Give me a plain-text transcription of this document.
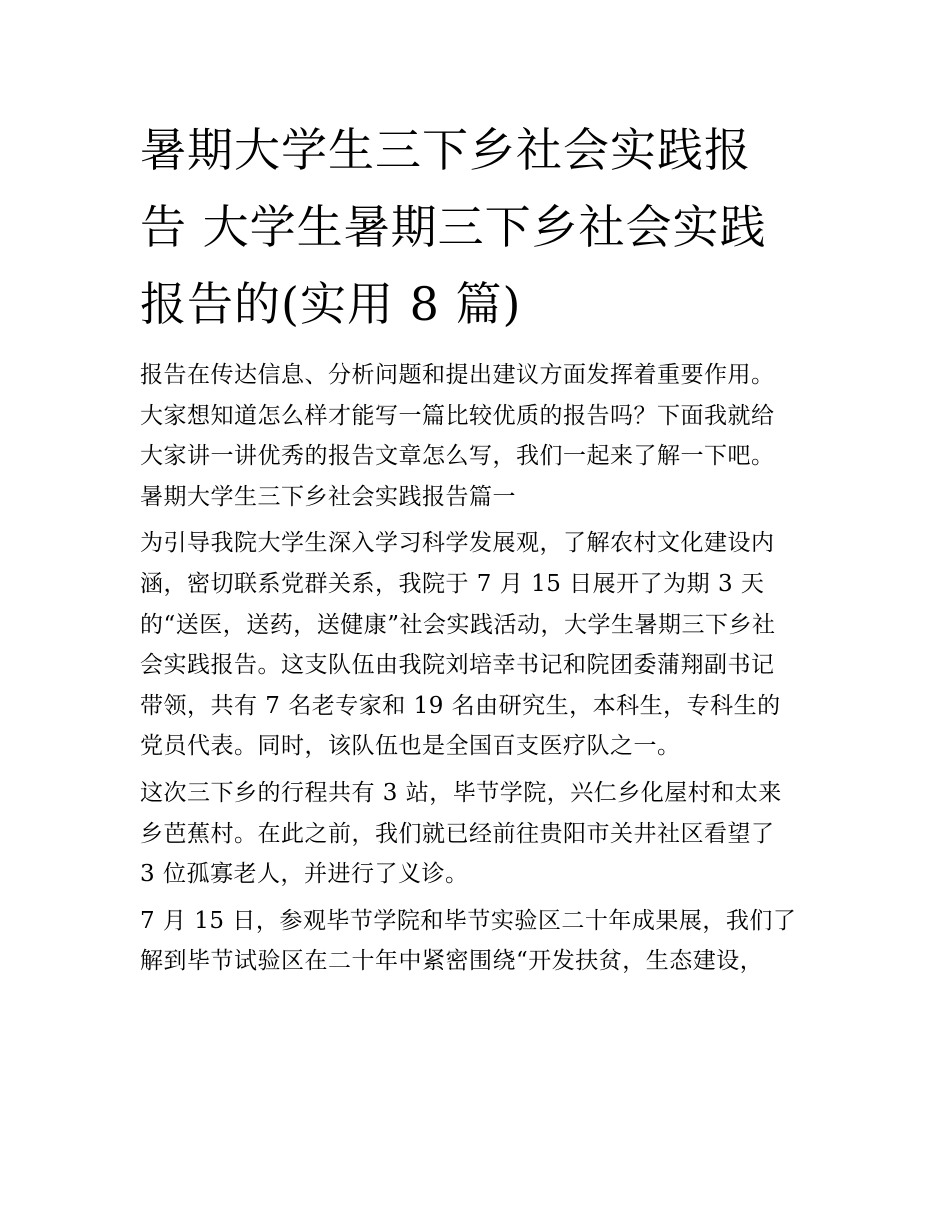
暑期大学生三下乡社会实践报
告 大学生暑期三下乡社会实践
报告的(实用 8 篇)
报告在传达信息、分析问题和提出建议方面发挥着重要作用。
大家想知道怎么样才能写一篇比较优质的报告吗？下面我就给
大家讲一讲优秀的报告文章怎么写，我们一起来了解一下吧。
暑期大学生三下乡社会实践报告篇一
为引导我院大学生深入学习科学发展观，了解农村文化建设内
涵，密切联系党群关系，我院于 7 月 15 日展开了为期 3 天
的“送医，送药，送健康”社会实践活动，大学生暑期三下乡社
会实践报告。这支队伍由我院刘培幸书记和院团委蒲翔副书记
带领，共有 7 名老专家和 19 名由研究生，本科生，专科生的
党员代表。同时，该队伍也是全国百支医疗队之一。
这次三下乡的行程共有 3 站，毕节学院，兴仁乡化屋村和太来
乡芭蕉村。在此之前，我们就已经前往贵阳市关井社区看望了
3 位孤寡老人，并进行了义诊。
7 月 15 日，参观毕节学院和毕节实验区二十年成果展，我们了
解到毕节试验区在二十年中紧密围绕“开发扶贫，生态建设，
